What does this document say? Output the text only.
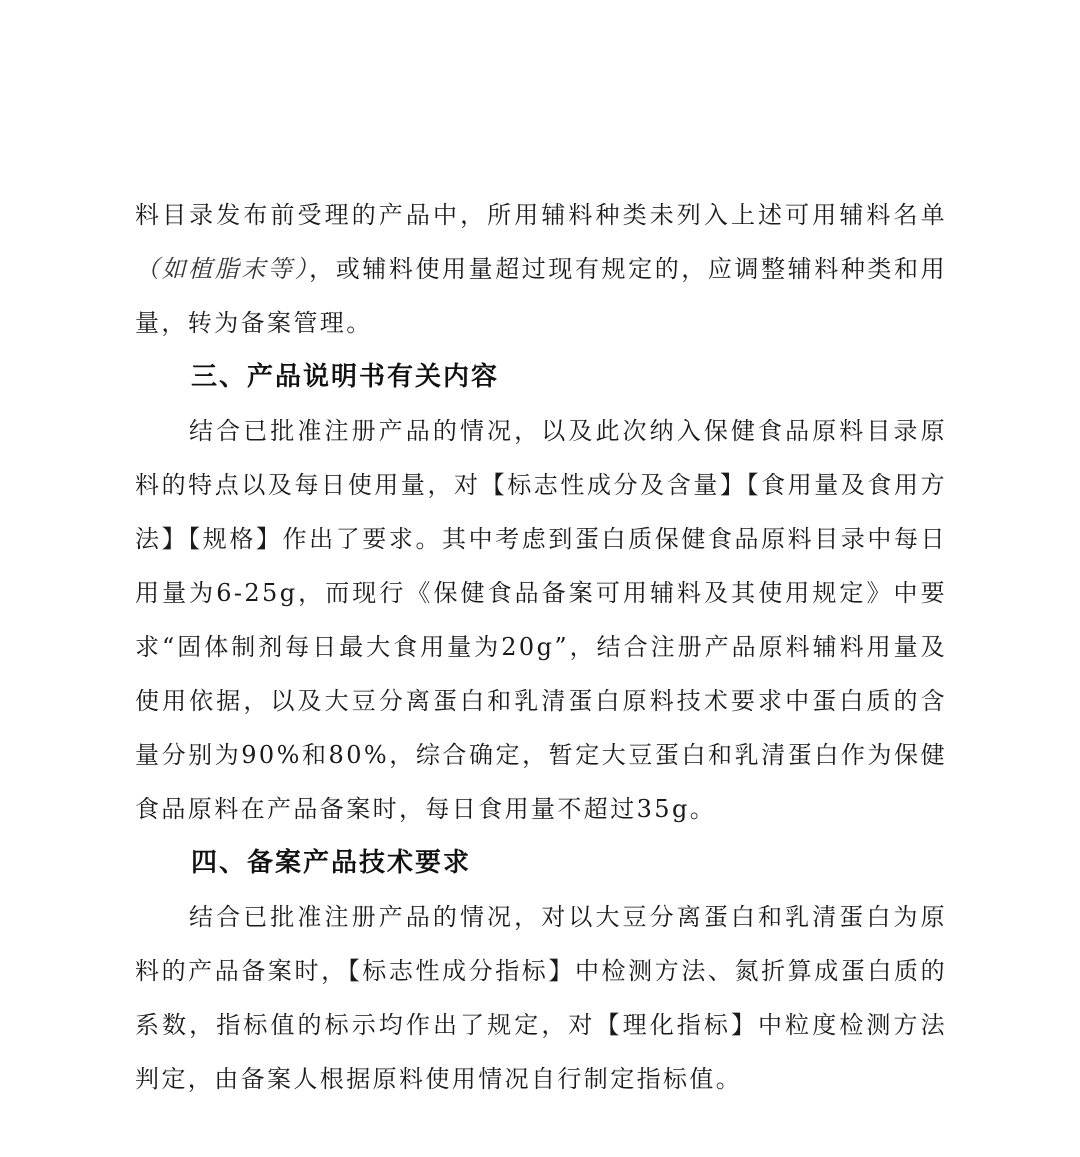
料目录发布前受理的产品中，所用辅料种类未列入上述可用辅料名单（如植脂末等），或辅料使用量超过现有规定的，应调整辅料种类和用量，转为备案管理。

三、产品说明书有关内容

结合已批准注册产品的情况，以及此次纳入保健食品原料目录原料的特点以及每日使用量，对【标志性成分及含量】【食用量及食用方法】【规格】作出了要求。其中考虑到蛋白质保健食品原料目录中每日用量为6-25g，而现行《保健食品备案可用辅料及其使用规定》中要求“固体制剂每日最大食用量为20g”，结合注册产品原料辅料用量及使用依据，以及大豆分离蛋白和乳清蛋白原料技术要求中蛋白质的含量分别为90%和80%，综合确定，暂定大豆蛋白和乳清蛋白作为保健食品原料在产品备案时，每日食用量不超过35g。

四、备案产品技术要求

结合已批准注册产品的情况，对以大豆分离蛋白和乳清蛋白为原料的产品备案时，【标志性成分指标】中检测方法、氮折算成蛋白质的系数，指标值的标示均作出了规定，对【理化指标】中粒度检测方法判定，由备案人根据原料使用情况自行制定指标值。
